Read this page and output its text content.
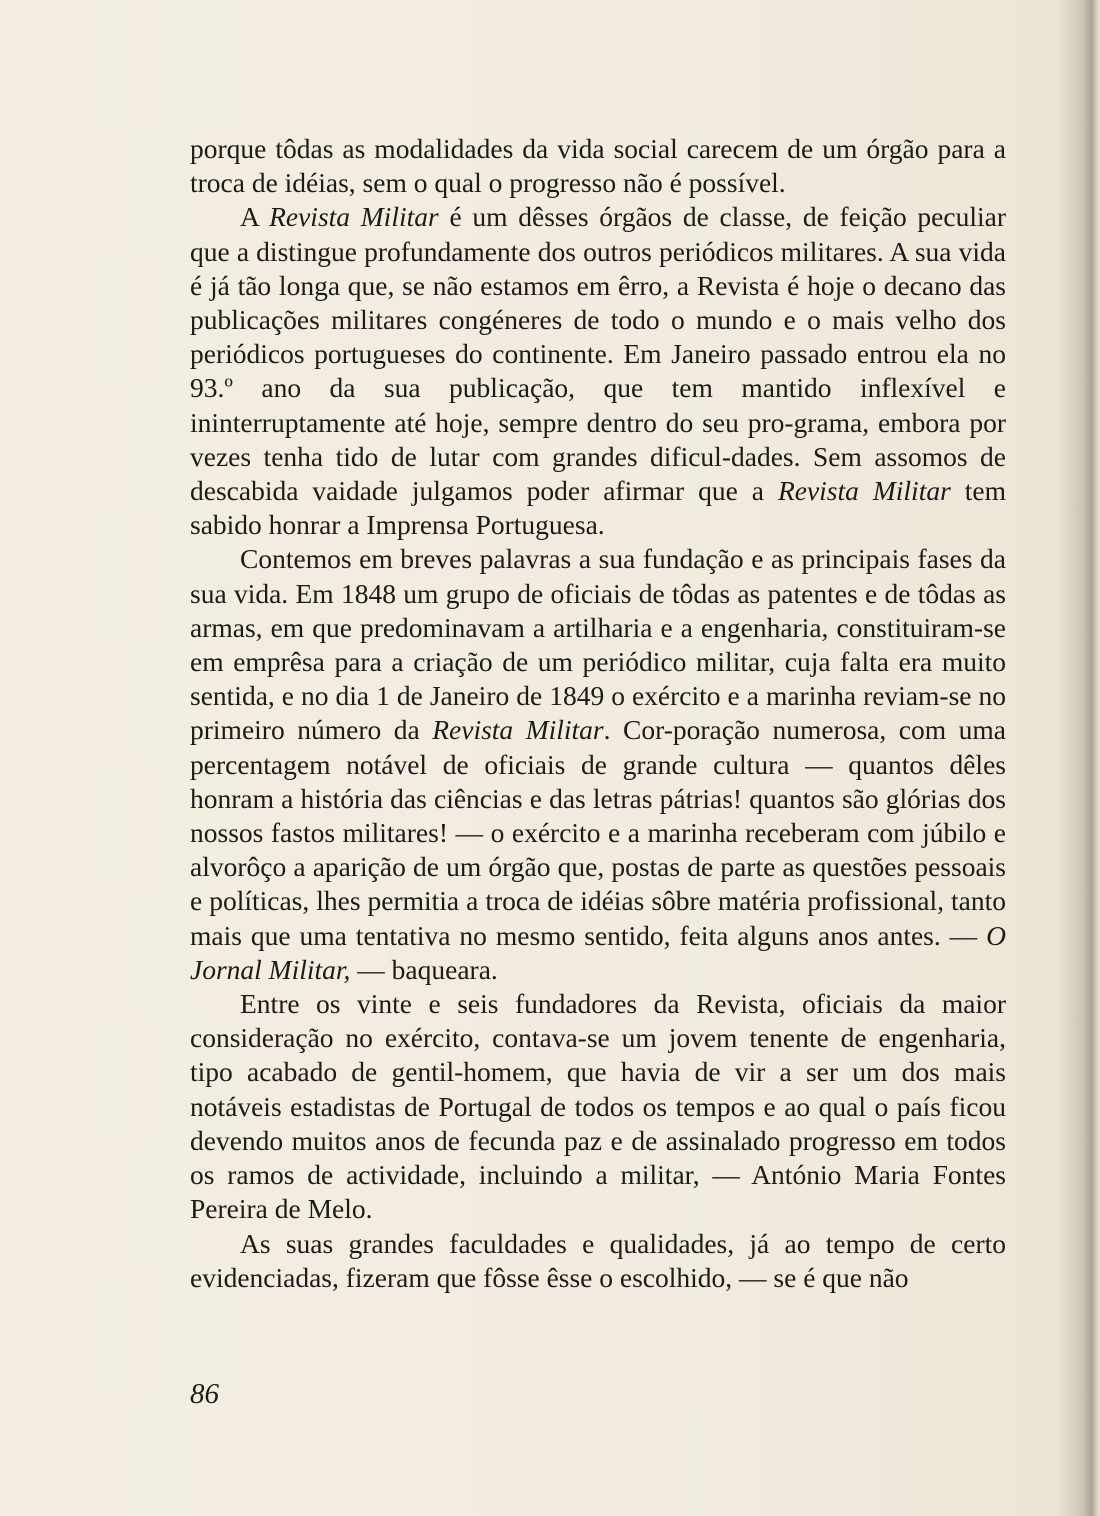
porque tôdas as modalidades da vida social carecem de um órgão para a troca de idéias, sem o qual o progresso não é possível.

A Revista Militar é um dêsses órgãos de classe, de feição peculiar que a distingue profundamente dos outros periódicos militares. A sua vida é já tão longa que, se não estamos em êrro, a Revista é hoje o decano das publicações militares congéneres de todo o mundo e o mais velho dos periódicos portugueses do continente. Em Janeiro passado entrou ela no 93.º ano da sua publicação, que tem mantido inflexível e ininterruptamente até hoje, sempre dentro do seu pro-grama, embora por vezes tenha tido de lutar com grandes dificul-dades. Sem assomos de descabida vaidade julgamos poder afirmar que a Revista Militar tem sabido honrar a Imprensa Portuguesa.

Contemos em breves palavras a sua fundação e as principais fases da sua vida. Em 1848 um grupo de oficiais de tôdas as patentes e de tôdas as armas, em que predominavam a artilharia e a engenharia, constituiram-se em emprêsa para a criação de um periódico militar, cuja falta era muito sentida, e no dia 1 de Janeiro de 1849 o exército e a marinha reviam-se no primeiro número da Revista Militar. Cor-poração numerosa, com uma percentagem notável de oficiais de grande cultura — quantos dêles honram a história das ciências e das letras pátrias! quantos são glórias dos nossos fastos militares! — o exército e a marinha receberam com júbilo e alvorôço a aparição de um órgão que, postas de parte as questões pessoais e políticas, lhes permitia a troca de idéias sôbre matéria profissional, tanto mais que uma tentativa no mesmo sentido, feita alguns anos antes. — O Jornal Militar, — baqueara.

Entre os vinte e seis fundadores da Revista, oficiais da maior consideração no exército, contava-se um jovem tenente de engenharia, tipo acabado de gentil-homem, que havia de vir a ser um dos mais notáveis estadistas de Portugal de todos os tempos e ao qual o país ficou devendo muitos anos de fecunda paz e de assinalado progresso em todos os ramos de actividade, incluindo a militar, — António Maria Fontes Pereira de Melo.

As suas grandes faculdades e qualidades, já ao tempo de certo evidenciadas, fizeram que fôsse êsse o escolhido, — se é que não

86
